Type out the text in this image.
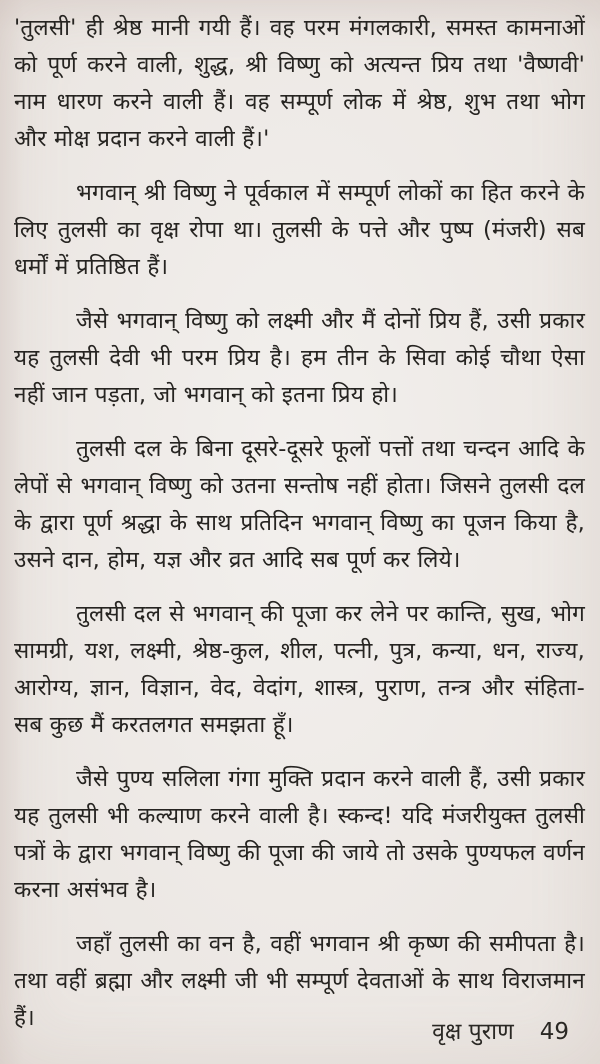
'तुलसी' ही श्रेष्ठ मानी गयी हैं। वह परम मंगलकारी, समस्त कामनाओं को पूर्ण करने वाली, शुद्ध, श्री विष्णु को अत्यन्त प्रिय तथा 'वैष्णवी' नाम धारण करने वाली हैं। वह सम्पूर्ण लोक में श्रेष्ठ, शुभ तथा भोग और मोक्ष प्रदान करने वाली हैं।'

भगवान् श्री विष्णु ने पूर्वकाल में सम्पूर्ण लोकों का हित करने के लिए तुलसी का वृक्ष रोपा था। तुलसी के पत्ते और पुष्प (मंजरी) सब धर्मों में प्रतिष्ठित हैं।

जैसे भगवान् विष्णु को लक्ष्मी और मैं दोनों प्रिय हैं, उसी प्रकार यह तुलसी देवी भी परम प्रिय है। हम तीन के सिवा कोई चौथा ऐसा नहीं जान पड़ता, जो भगवान् को इतना प्रिय हो।

तुलसी दल के बिना दूसरे-दूसरे फूलों पत्तों तथा चन्दन आदि के लेपों से भगवान् विष्णु को उतना सन्तोष नहीं होता। जिसने तुलसी दल के द्वारा पूर्ण श्रद्धा के साथ प्रतिदिन भगवान् विष्णु का पूजन किया है, उसने दान, होम, यज्ञ और व्रत आदि सब पूर्ण कर लिये।

तुलसी दल से भगवान् की पूजा कर लेने पर कान्ति, सुख, भोग सामग्री, यश, लक्ष्मी, श्रेष्ठ-कुल, शील, पत्नी, पुत्र, कन्या, धन, राज्य, आरोग्य, ज्ञान, विज्ञान, वेद, वेदांग, शास्त्र, पुराण, तन्त्र और संहिता-सब कुछ मैं करतलगत समझता हूँ।

जैसे पुण्य सलिला गंगा मुक्ति प्रदान करने वाली हैं, उसी प्रकार यह तुलसी भी कल्याण करने वाली है। स्कन्द! यदि मंजरीयुक्त तुलसी पत्रों के द्वारा भगवान् विष्णु की पूजा की जाये तो उसके पुण्यफल वर्णन करना असंभव है।

जहाँ तुलसी का वन है, वहीं भगवान श्री कृष्ण की समीपता है। तथा वहीं ब्रह्मा और लक्ष्मी जी भी सम्पूर्ण देवताओं के साथ विराजमान हैं।

वृक्ष पुराण 49
